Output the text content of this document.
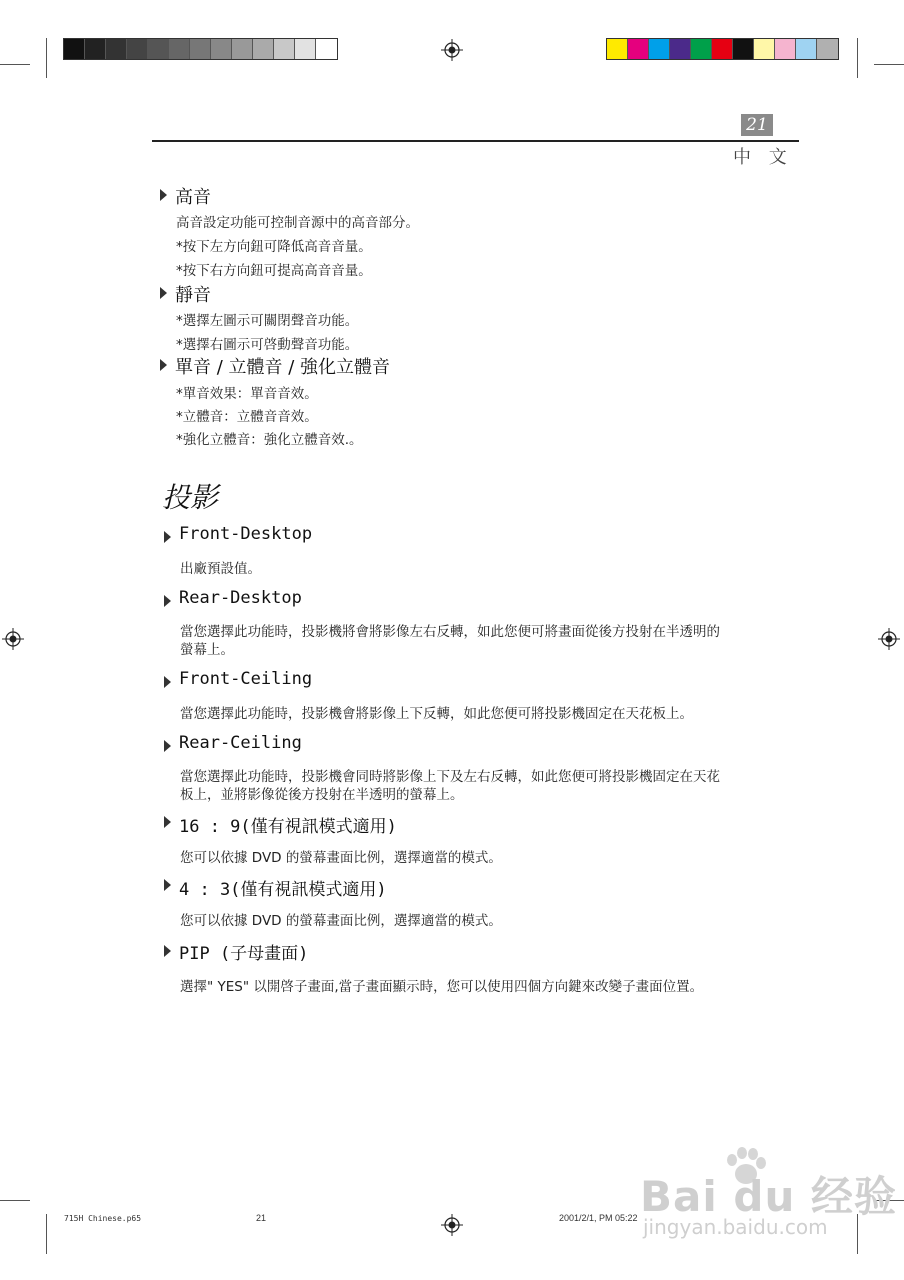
21
中 文
高音
高音設定功能可控制音源中的高音部分。
*按下左方向鈕可降低高音音量。
*按下右方向鈕可提高高音音量。
靜音
*選擇左圖示可關閉聲音功能。
*選擇右圖示可啓動聲音功能。
單音 / 立體音 / 強化立體音
*單音效果：單音音效。
*立體音：立體音音效。
*強化立體音：強化立體音效.。
投影
Front-Desktop
出廠預設值。
Rear-Desktop
當您選擇此功能時，投影機將會將影像左右反轉，如此您便可將畫面從後方投射在半透明的
螢幕上。
Front-Ceiling
當您選擇此功能時，投影機會將影像上下反轉，如此您便可將投影機固定在天花板上。
Rear-Ceiling
當您選擇此功能時，投影機會同時將影像上下及左右反轉，如此您便可將投影機固定在天花
板上，並將影像從後方投射在半透明的螢幕上。
16 : 9(僅有視訊模式適用)
您可以依據 DVD 的螢幕畫面比例，選擇適當的模式。
4 : 3(僅有視訊模式適用)
您可以依據 DVD 的螢幕畫面比例，選擇適當的模式。
PIP (子母畫面)
選擇" YES" 以開啓子畫面,當子畫面顯示時，您可以使用四個方向鍵來改變子畫面位置。
715H Chinese.p65	21	2001/2/1, PM 05:22 Bai du 经验
jingyan.baidu.com
